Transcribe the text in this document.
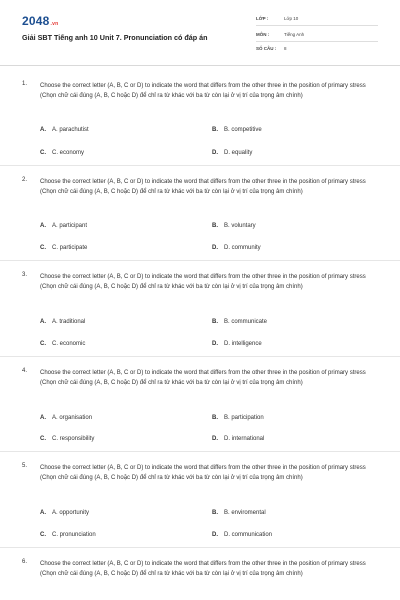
2048.vn
Giải SBT Tiếng anh 10 Unit 7. Pronunciation có đáp án
LỚP :	Lớp 10
MÔN :	Tiếng Anh
SỐ CÂU : 8
1. Choose the correct letter (A, B, C or D) to indicate the word that differs from the other three in the position of primary stress (Chọn chữ cái đúng (A, B, C hoặc D) để chỉ ra từ khác với ba từ còn lại ở vị trí của trọng âm chính)
A. A. parachutist	B. B. competitive
C. C. economy	D. D. equality
2. Choose the correct letter (A, B, C or D) to indicate the word that differs from the other three in the position of primary stress (Chọn chữ cái đúng (A, B, C hoặc D) để chỉ ra từ khác với ba từ còn lại ở vị trí của trọng âm chính)
A. A. participant	B. B. voluntary
C. C. participate	D. D. community
3. Choose the correct letter (A, B, C or D) to indicate the word that differs from the other three in the position of primary stress (Chọn chữ cái đúng (A, B, C hoặc D) để chỉ ra từ khác với ba từ còn lại ở vị trí của trọng âm chính)
A. A. traditional	B. B. communicate
C. C. economic	D. D. intelligence
4. Choose the correct letter (A, B, C or D) to indicate the word that differs from the other three in the position of primary stress (Chọn chữ cái đúng (A, B, C hoặc D) để chỉ ra từ khác với ba từ còn lại ở vị trí của trọng âm chính)
A. A. organisation	B. B. participation
C. C. responsibility	D. D. international
5. Choose the correct letter (A, B, C or D) to indicate the word that differs from the other three in the position of primary stress (Chọn chữ cái đúng (A, B, C hoặc D) để chỉ ra từ khác với ba từ còn lại ở vị trí của trọng âm chính)
A. A. opportunity	B. B. enviromental
C. C. pronunciation	D. D. communication
6. Choose the correct letter (A, B, C or D) to indicate the word that differs from the other three in the position of primary stress (Chọn chữ cái đúng (A, B, C hoặc D) để chỉ ra từ khác với ba từ còn lại ở vị trí của trọng âm chính)
